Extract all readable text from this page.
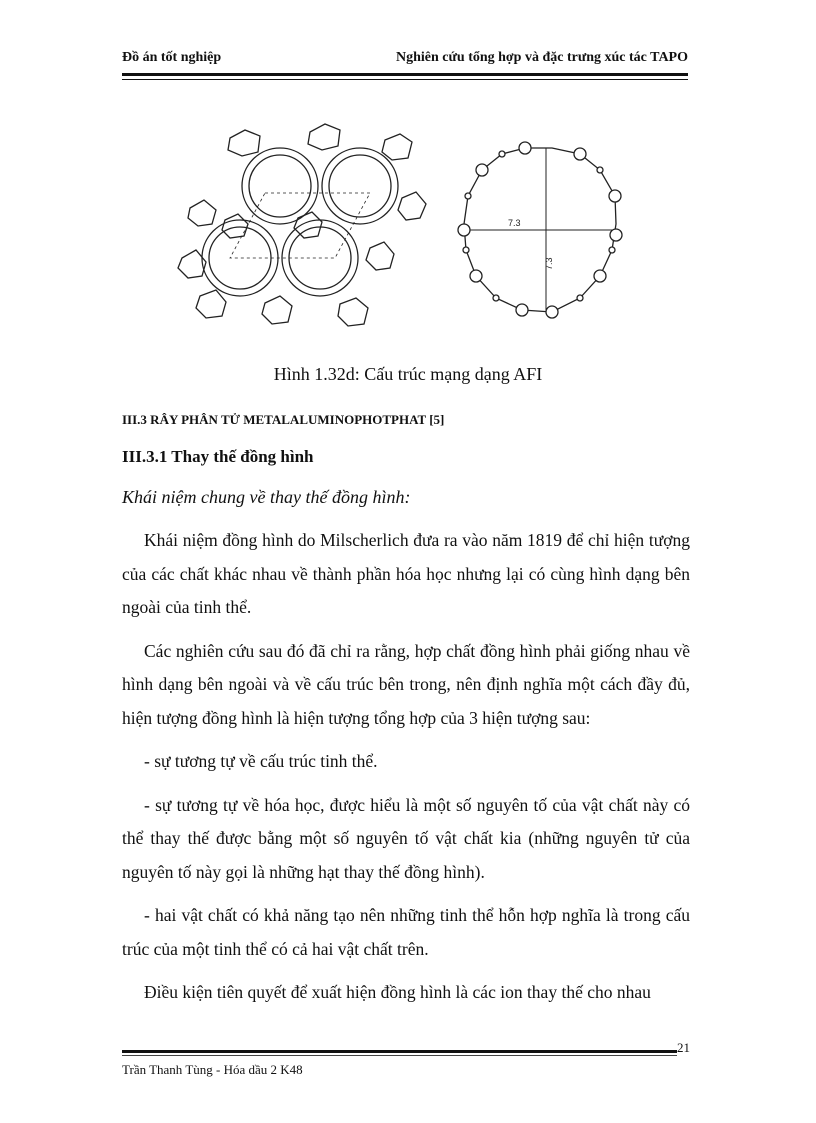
Đồ án tốt nghiệp	Nghiên cứu tổng hợp và đặc trưng xúc tác TAPO
7.3
7.3
Hình 1.32d: Cấu trúc mạng dạng AFI
III.3 RÂY PHÂN TỬ METALALUMINOPHOTPHAT [5]
III.3.1 Thay thế đồng hình
Khái niệm chung về thay thế đồng hình:

Khái niệm đồng hình do Milscherlich đưa ra vào năm 1819 để chỉ hiện tượng của các chất khác nhau về thành phần hóa học nhưng lại có cùng hình dạng bên ngoài của tinh thể.

Các nghiên cứu sau đó đã chỉ ra rằng, hợp chất đồng hình phải giống nhau về hình dạng bên ngoài và về cấu trúc bên trong, nên định nghĩa một cách đầy đủ, hiện tượng đồng hình là hiện tượng tổng hợp của 3 hiện tượng sau:

- sự tương tự về cấu trúc tinh thể.

- sự tương tự về hóa học, được hiểu là một số nguyên tố của vật chất này có thể thay thế được bằng một số nguyên tố vật chất kia (những nguyên tử của nguyên tố này gọi là những hạt thay thế đồng hình).

- hai vật chất có khả năng tạo nên những tinh thể hỗn hợp nghĩa là trong cấu trúc của một tinh thể có cả hai vật chất trên.

Điều kiện tiên quyết để xuất hiện đồng hình là các ion thay thế cho nhau

21
Trần Thanh Tùng - Hóa dầu 2 K48
